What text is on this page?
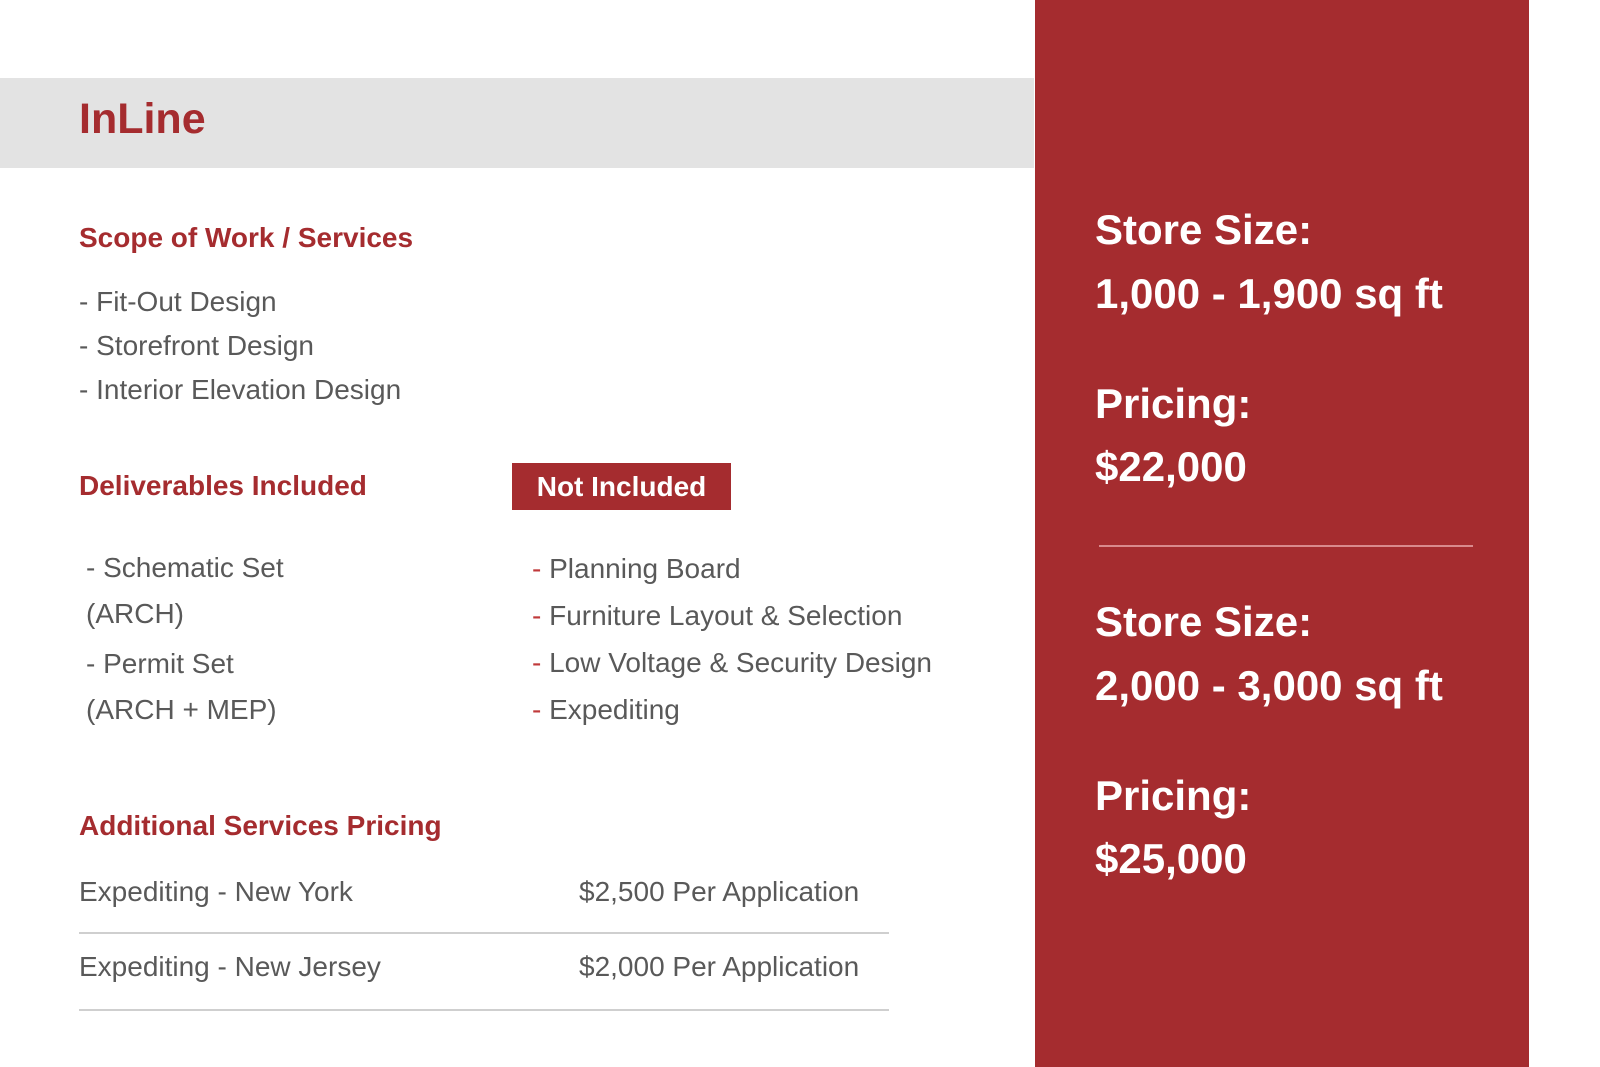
InLine
Scope of Work / Services
- Fit-Out Design
- Storefront Design
- Interior Elevation Design
Deliverables Included
- Schematic Set
(ARCH)
- Permit Set
(ARCH + MEP)
Not Included
- Planning Board
- Furniture Layout & Selection
- Low Voltage & Security Design
- Expediting
Additional Services Pricing
Expediting - New York	$2,500 Per Application
Expediting - New Jersey	$2,000 Per Application

Store Size:

1,000 - 1,900 sq ft

Pricing:

$22,000

Store Size:

2,000 - 3,000 sq ft

Pricing:

$25,000
